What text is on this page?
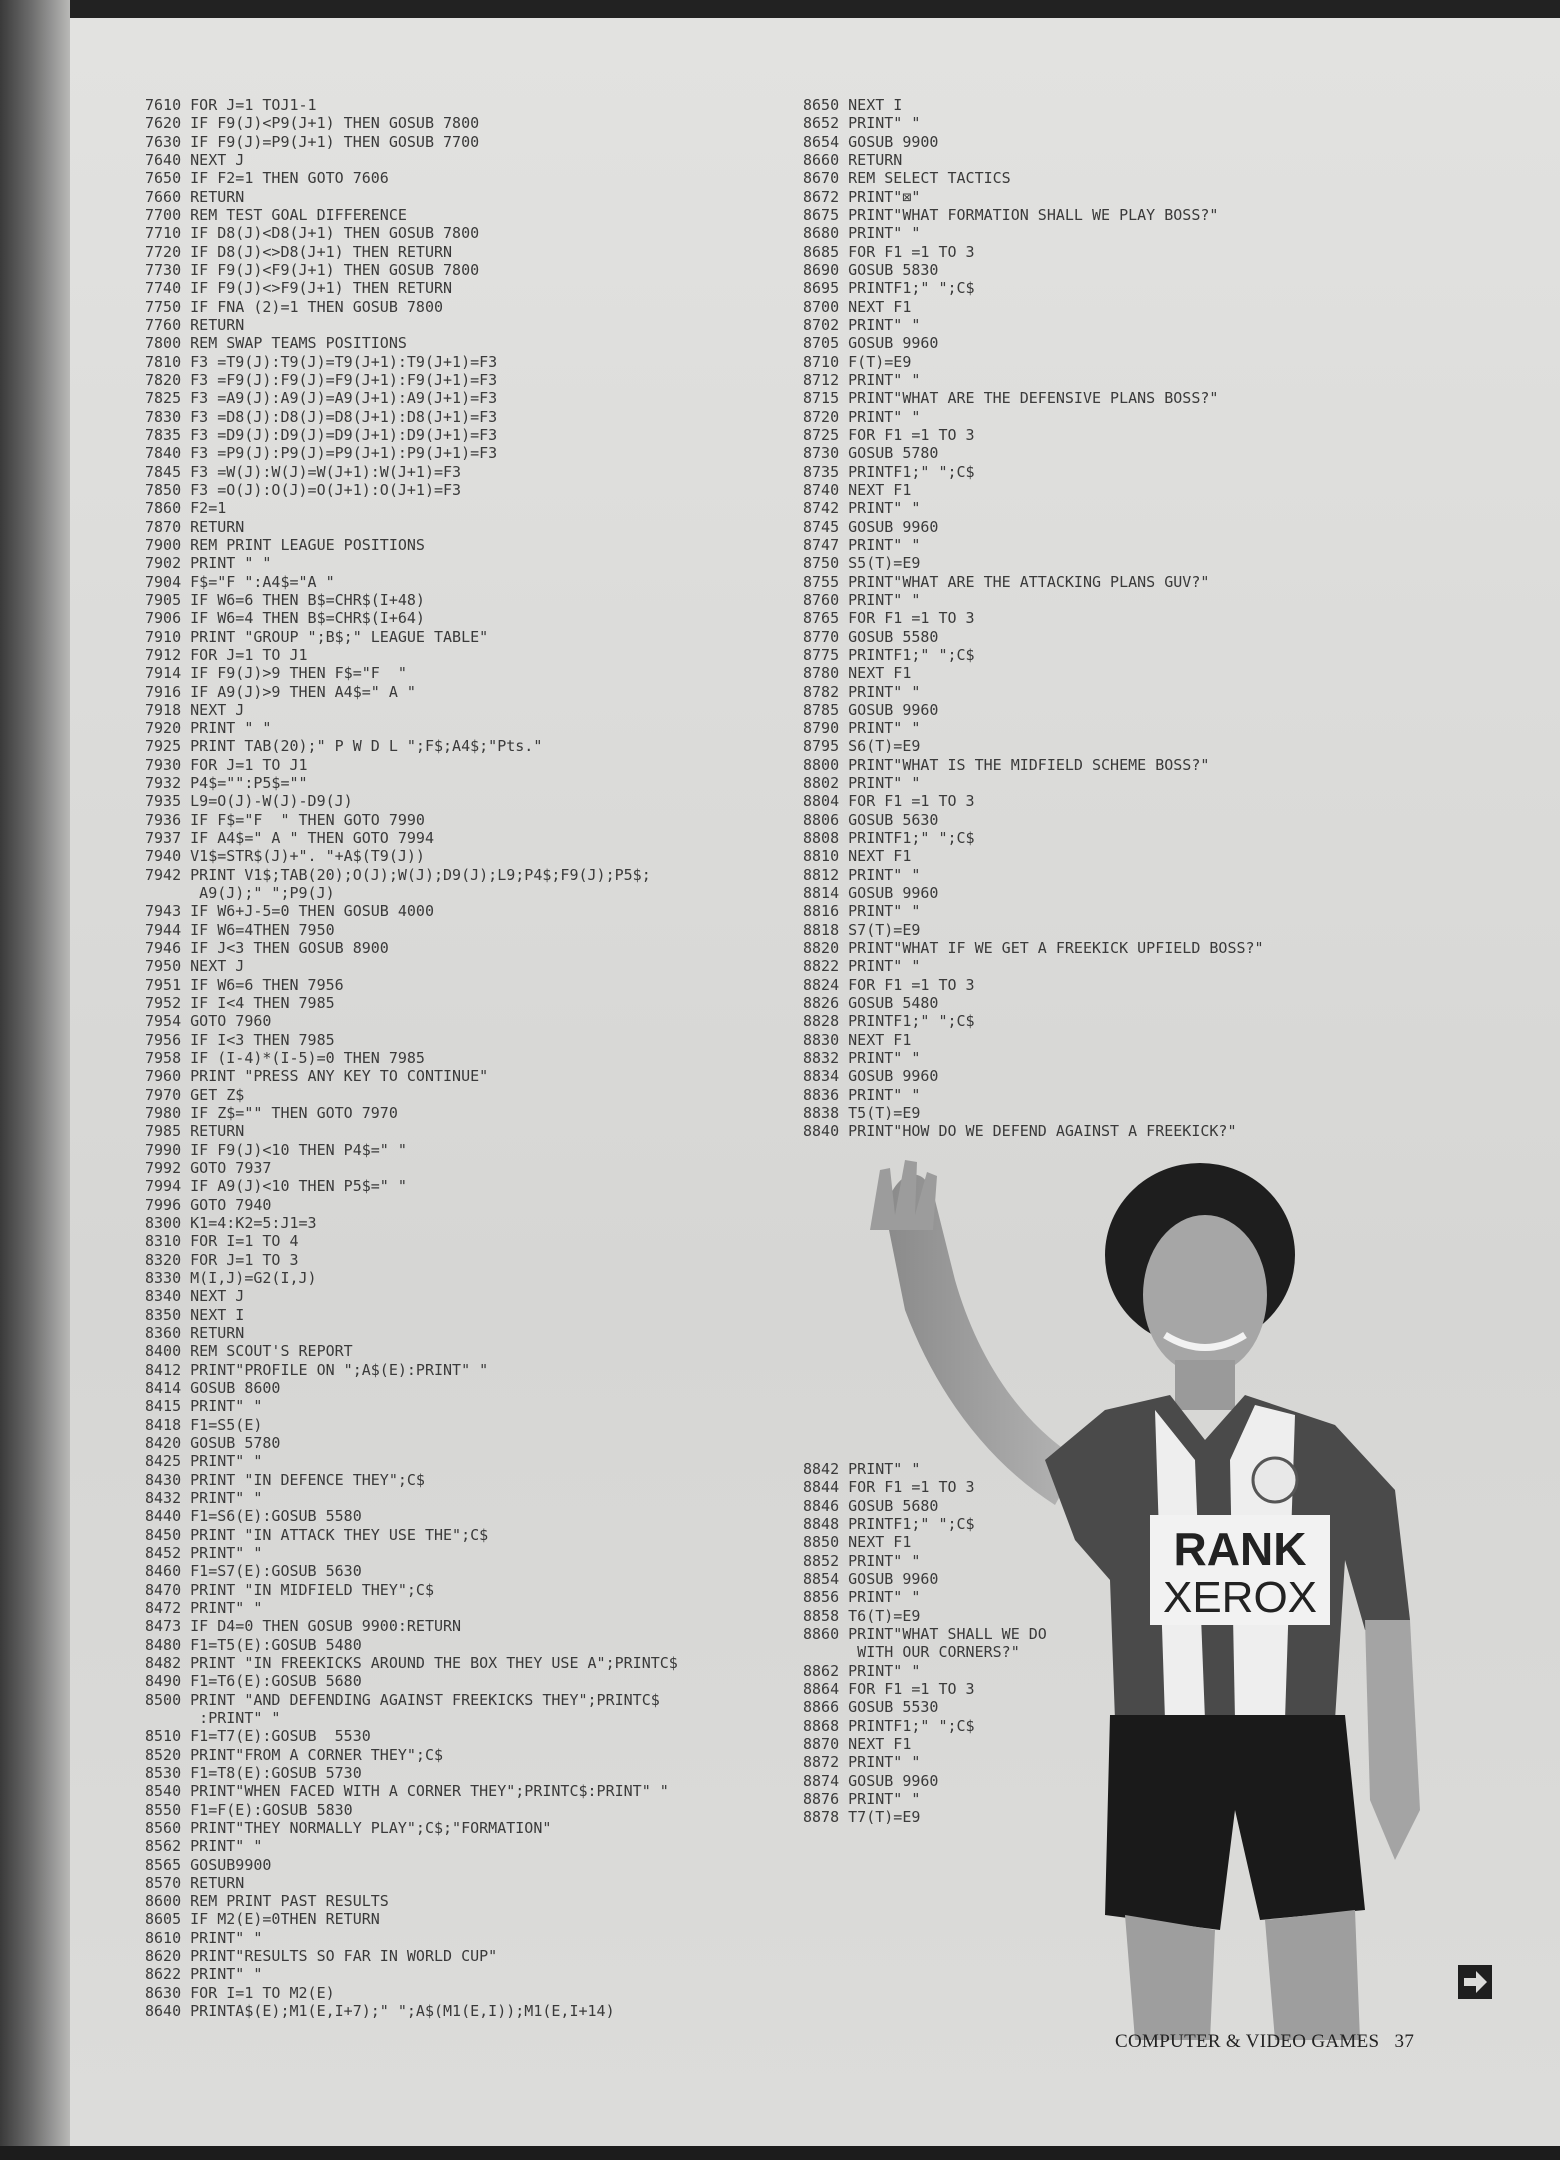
7610 FOR J=1 TOJ1-1
7620 IF F9(J)<P9(J+1) THEN GOSUB 7800
7630 IF F9(J)=P9(J+1) THEN GOSUB 7700
7640 NEXT J
7650 IF F2=1 THEN GOTO 7606
7660 RETURN
7700 REM TEST GOAL DIFFERENCE
7710 IF D8(J)<D8(J+1) THEN GOSUB 7800
7720 IF D8(J)<>D8(J+1) THEN RETURN
7730 IF F9(J)<F9(J+1) THEN GOSUB 7800
7740 IF F9(J)<>F9(J+1) THEN RETURN
7750 IF FNA (2)=1 THEN GOSUB 7800
7760 RETURN
7800 REM SWAP TEAMS POSITIONS
7810 F3 =T9(J):T9(J)=T9(J+1):T9(J+1)=F3
7820 F3 =F9(J):F9(J)=F9(J+1):F9(J+1)=F3
7825 F3 =A9(J):A9(J)=A9(J+1):A9(J+1)=F3
7830 F3 =D8(J):D8(J)=D8(J+1):D8(J+1)=F3
7835 F3 =D9(J):D9(J)=D9(J+1):D9(J+1)=F3
7840 F3 =P9(J):P9(J)=P9(J+1):P9(J+1)=F3
7845 F3 =W(J):W(J)=W(J+1):W(J+1)=F3
7850 F3 =O(J):O(J)=O(J+1):O(J+1)=F3
7860 F2=1
7870 RETURN
7900 REM PRINT LEAGUE POSITIONS
7902 PRINT " "
7904 F$="F ":A4$="A "
7905 IF W6=6 THEN B$=CHR$(I+48)
7906 IF W6=4 THEN B$=CHR$(I+64)
7910 PRINT "GROUP ";B$;" LEAGUE TABLE"
7912 FOR J=1 TO J1
7914 IF F9(J)>9 THEN F$="F  "
7916 IF A9(J)>9 THEN A4$=" A "
7918 NEXT J
7920 PRINT " "
7925 PRINT TAB(20);" P W D L ";F$;A4$;"Pts."
7930 FOR J=1 TO J1
7932 P4$="":P5$=""
7935 L9=O(J)-W(J)-D9(J)
7936 IF F$="F  " THEN GOTO 7990
7937 IF A4$=" A " THEN GOTO 7994
7940 V1$=STR$(J)+". "+A$(T9(J))
7942 PRINT V1$;TAB(20);O(J);W(J);D9(J);L9;P4$;F9(J);P5$;
A9(J);" ";P9(J)
7943 IF W6+J-5=0 THEN GOSUB 4000
7944 IF W6=4THEN 7950
7946 IF J<3 THEN GOSUB 8900
7950 NEXT J
7951 IF W6=6 THEN 7956
7952 IF I<4 THEN 7985
7954 GOTO 7960
7956 IF I<3 THEN 7985
7958 IF (I-4)*(I-5)=0 THEN 7985
7960 PRINT "PRESS ANY KEY TO CONTINUE"
7970 GET Z$
7980 IF Z$="" THEN GOTO 7970
7985 RETURN
7990 IF F9(J)<10 THEN P4$=" "
7992 GOTO 7937
7994 IF A9(J)<10 THEN P5$=" "
7996 GOTO 7940
8300 K1=4:K2=5:J1=3
8310 FOR I=1 TO 4
8320 FOR J=1 TO 3
8330 M(I,J)=G2(I,J)
8340 NEXT J
8350 NEXT I
8360 RETURN
8400 REM SCOUT'S REPORT
8412 PRINT"PROFILE ON ";A$(E):PRINT" "
8414 GOSUB 8600
8415 PRINT" "
8418 F1=S5(E)
8420 GOSUB 5780
8425 PRINT" "
8430 PRINT "IN DEFENCE THEY";C$
8432 PRINT" "
8440 F1=S6(E):GOSUB 5580
8450 PRINT "IN ATTACK THEY USE THE";C$
8452 PRINT" "
8460 F1=S7(E):GOSUB 5630
8470 PRINT "IN MIDFIELD THEY";C$
8472 PRINT" "
8473 IF D4=0 THEN GOSUB 9900:RETURN
8480 F1=T5(E):GOSUB 5480
8482 PRINT "IN FREEKICKS AROUND THE BOX THEY USE A";PRINTC$
8490 F1=T6(E):GOSUB 5680
8500 PRINT "AND DEFENDING AGAINST FREEKICKS THEY";PRINTC$
:PRINT" "
8510 F1=T7(E):GOSUB  5530
8520 PRINT"FROM A CORNER THEY";C$
8530 F1=T8(E):GOSUB 5730
8540 PRINT"WHEN FACED WITH A CORNER THEY";PRINTC$:PRINT" "
8550 F1=F(E):GOSUB 5830
8560 PRINT"THEY NORMALLY PLAY";C$;"FORMATION"
8562 PRINT" "
8565 GOSUB9900
8570 RETURN
8600 REM PRINT PAST RESULTS
8605 IF M2(E)=0THEN RETURN
8610 PRINT" "
8620 PRINT"RESULTS SO FAR IN WORLD CUP"
8622 PRINT" "
8630 FOR I=1 TO M2(E)
8640 PRINTA$(E);M1(E,I+7);" ";A$(M1(E,I));M1(E,I+14)
8650 NEXT I
8652 PRINT" "
8654 GOSUB 9900
8660 RETURN
8670 REM SELECT TACTICS
8672 PRINT"⊠"
8675 PRINT"WHAT FORMATION SHALL WE PLAY BOSS?"
8680 PRINT" "
8685 FOR F1 =1 TO 3
8690 GOSUB 5830
8695 PRINTF1;" ";C$
8700 NEXT F1
8702 PRINT" "
8705 GOSUB 9960
8710 F(T)=E9
8712 PRINT" "
8715 PRINT"WHAT ARE THE DEFENSIVE PLANS BOSS?"
8720 PRINT" "
8725 FOR F1 =1 TO 3
8730 GOSUB 5780
8735 PRINTF1;" ";C$
8740 NEXT F1
8742 PRINT" "
8745 GOSUB 9960
8747 PRINT" "
8750 S5(T)=E9
8755 PRINT"WHAT ARE THE ATTACKING PLANS GUV?"
8760 PRINT" "
8765 FOR F1 =1 TO 3
8770 GOSUB 5580
8775 PRINTF1;" ";C$
8780 NEXT F1
8782 PRINT" "
8785 GOSUB 9960
8790 PRINT" "
8795 S6(T)=E9
8800 PRINT"WHAT IS THE MIDFIELD SCHEME BOSS?"
8802 PRINT" "
8804 FOR F1 =1 TO 3
8806 GOSUB 5630
8808 PRINTF1;" ";C$
8810 NEXT F1
8812 PRINT" "
8814 GOSUB 9960
8816 PRINT" "
8818 S7(T)=E9
8820 PRINT"WHAT IF WE GET A FREEKICK UPFIELD BOSS?"
8822 PRINT" "
8824 FOR F1 =1 TO 3
8826 GOSUB 5480
8828 PRINTF1;" ";C$
8830 NEXT F1
8832 PRINT" "
8834 GOSUB 9960
8836 PRINT" "
8838 T5(T)=E9
8840 PRINT"HOW DO WE DEFEND AGAINST A FREEKICK?"
8842 PRINT" "
8844 FOR F1 =1 TO 3
8846 GOSUB 5680
8848 PRINTF1;" ";C$
8850 NEXT F1
8852 PRINT" "
8854 GOSUB 9960
8856 PRINT" "
8858 T6(T)=E9
8860 PRINT"WHAT SHALL WE DO
WITH OUR CORNERS?"
8862 PRINT" "
8864 FOR F1 =1 TO 3
8866 GOSUB 5530
8868 PRINTF1;" ";C$
8870 NEXT F1
8872 PRINT" "
8874 GOSUB 9960
8876 PRINT" "
8878 T7(T)=E9
RANK
XEROX
COMPUTER & VIDEO GAMES 37
